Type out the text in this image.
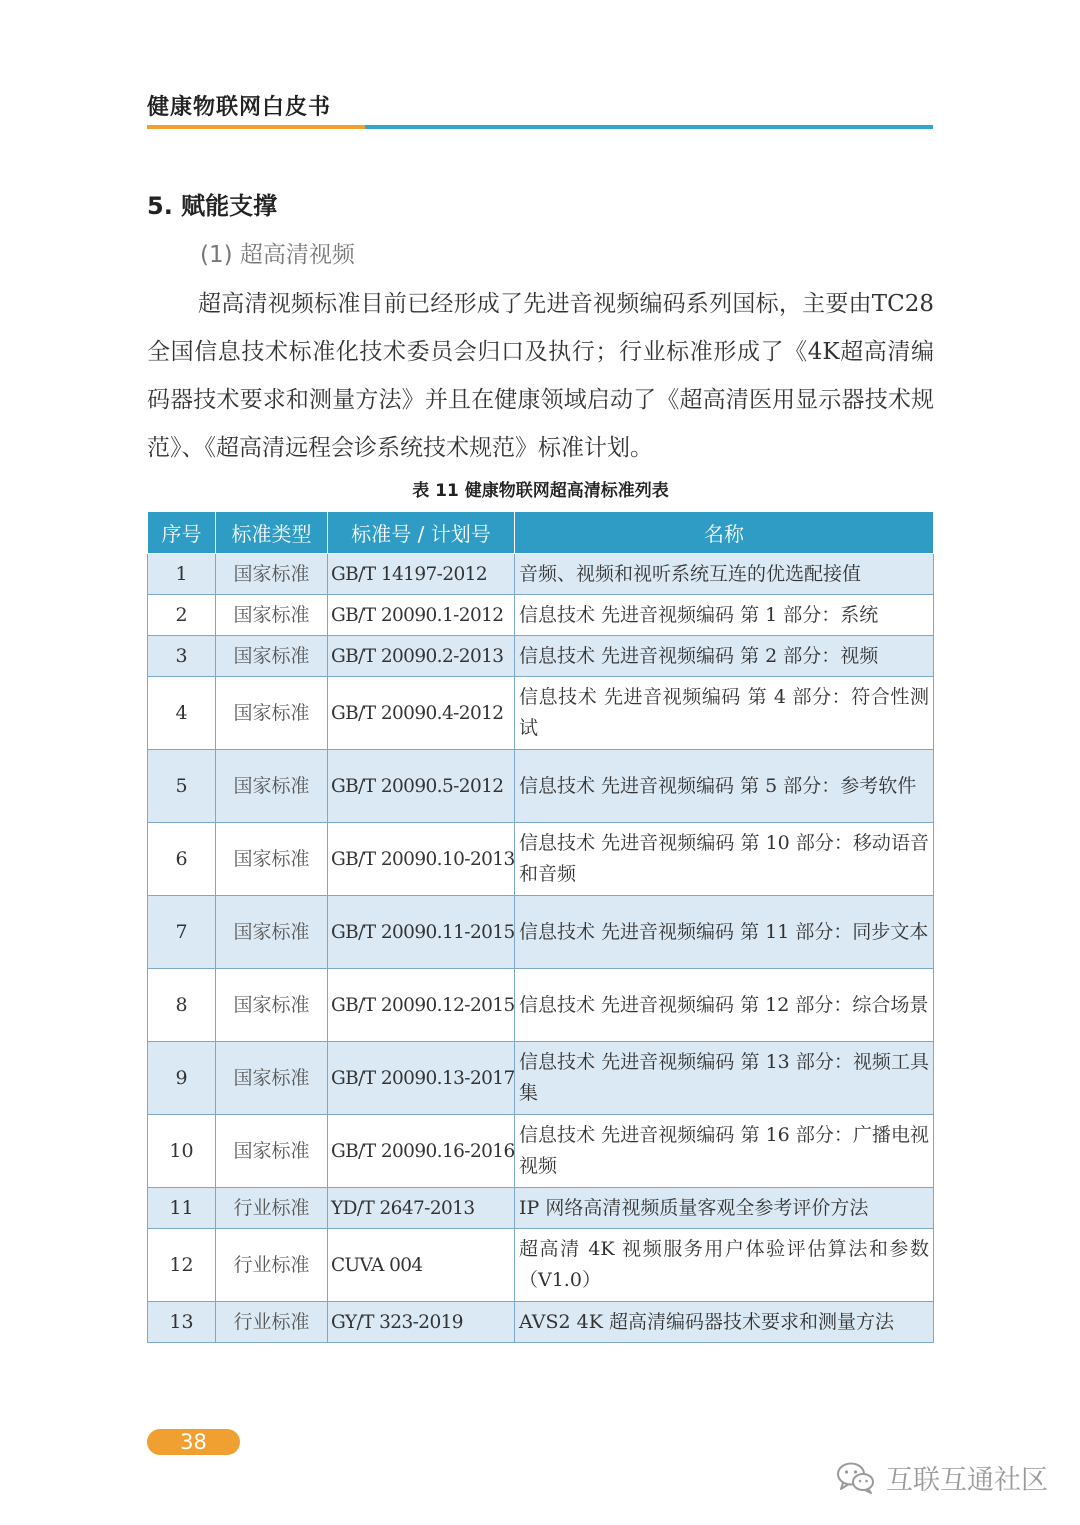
健康物联网白皮书
5. 赋能支撑
(1) 超高清视频

超高清视频标准目前已经形成了先进音视频编码系列国标，主要由TC28 全国信息技术标准化技术委员会归口及执行；行业标准形成了《4K超高清编码器技术要求和测量方法》并且在健康领域启动了《超高清医用显示器技术规范》、《超高清远程会诊系统技术规范》标准计划。

表 11 健康物联网超高清标准列表
序号	标准类型	标准号 / 计划号	名称
1	国家标准	GB/T 14197-2012	音频、视频和视听系统互连的优选配接值
2	国家标准	GB/T 20090.1-2012	信息技术 先进音视频编码 第 1 部分：系统
3	国家标准	GB/T 20090.2-2013	信息技术 先进音视频编码 第 2 部分：视频
4	国家标准	GB/T 20090.4-2012	信息技术 先进音视频编码 第 4 部分：符合性测试
5	国家标准	GB/T 20090.5-2012	信息技术 先进音视频编码 第 5 部分：参考软件
6	国家标准	GB/T 20090.10-2013	信息技术 先进音视频编码 第 10 部分：移动语音和音频
7	国家标准	GB/T 20090.11-2015	信息技术 先进音视频编码 第 11 部分：同步文本
8	国家标准	GB/T 20090.12-2015	信息技术 先进音视频编码 第 12 部分：综合场景
9	国家标准	GB/T 20090.13-2017	信息技术 先进音视频编码 第 13 部分：视频工具集
10	国家标准	GB/T 20090.16-2016	信息技术 先进音视频编码 第 16 部分：广播电视视频
11	行业标准	YD/T 2647-2013	IP 网络高清视频质量客观全参考评价方法
12	行业标准	CUVA 004	超高清 4K 视频服务用户体验评估算法和参数（V1.0）
13	行业标准	GY/T 323-2019	AVS2 4K 超高清编码器技术要求和测量方法
38
互联互通社区
